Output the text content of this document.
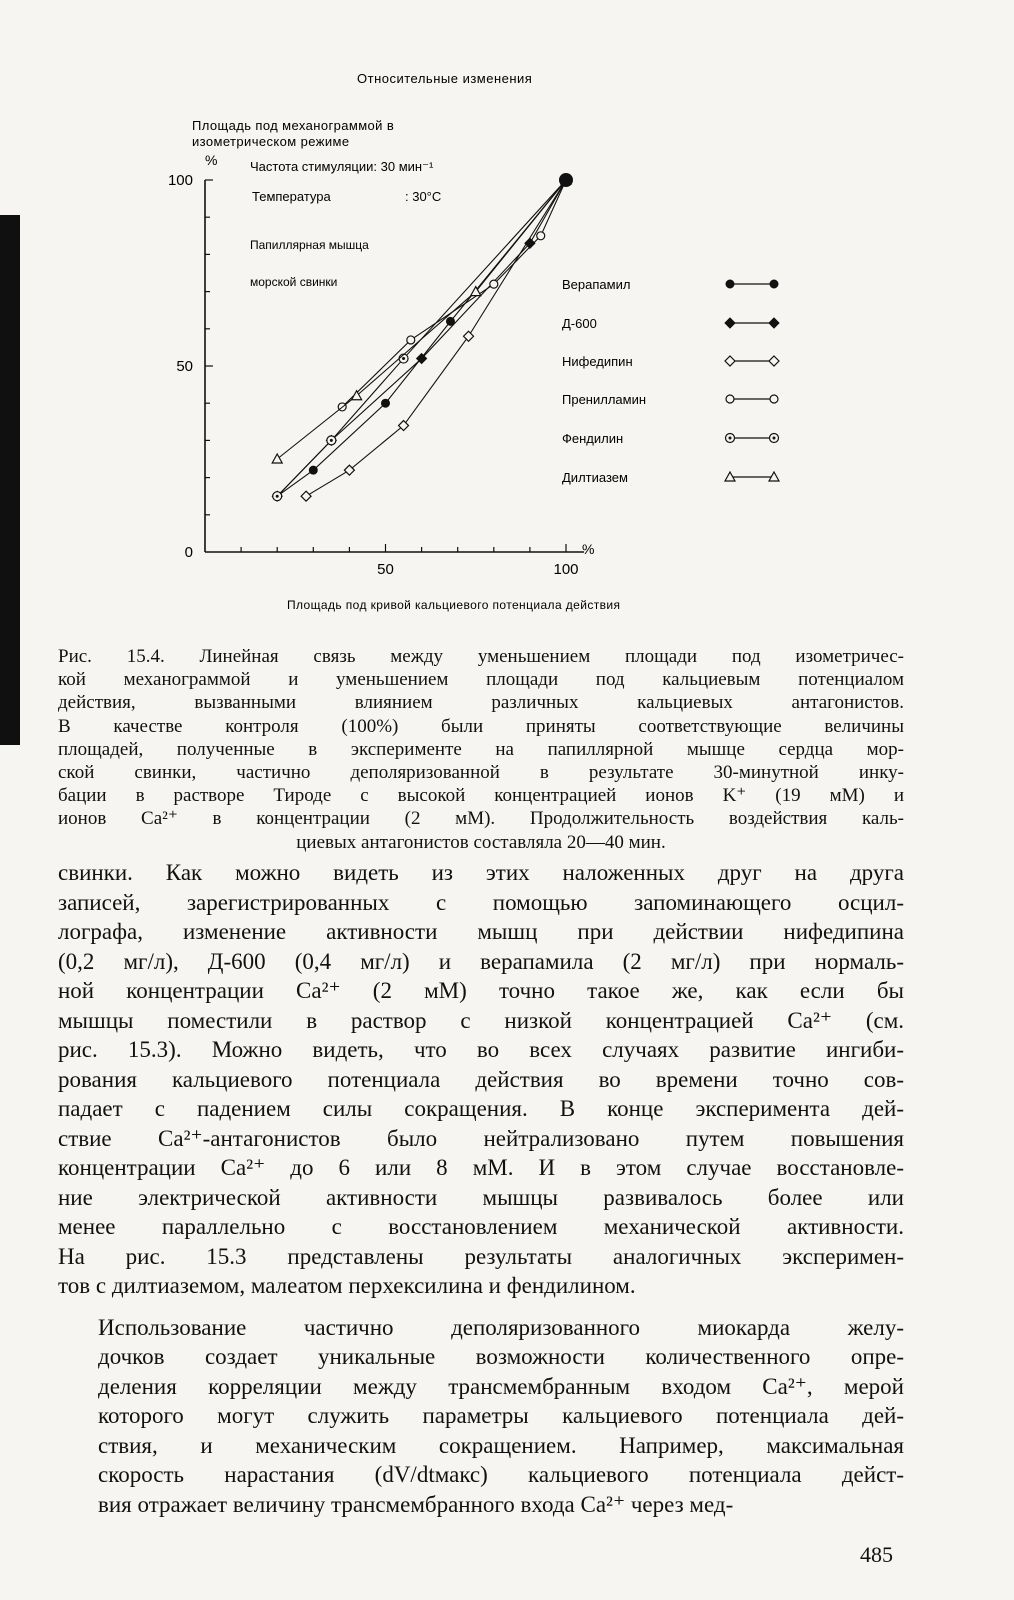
Относительные изменения
Площадь под механограммой в
изометрическом режиме
%
%
Площадь под кривой кальциевого потенциала действия
Частота стимуляции: 30 мин⁻¹
Температура	: 30°C
Папиллярная мышца
морской свинки
50	100
0
50
100
Верапамил
Д-600
Нифедипин
Пренилламин
Фендилин
Дилтиазем
Рис. 15.4. Линейная связь между уменьшением площади под изометричес-
кой механограммой и уменьшением площади под кальциевым потенциалом
действия, вызванными влиянием различных кальциевых антагонистов.
В качестве контроля (100%) были приняты соответствующие величины
площадей, полученные в эксперименте на папиллярной мышце сердца мор-
ской свинки, частично деполяризованной в результате 30-минутной инку-
бации в растворе Тироде с высокой концентрацией ионов K⁺ (19 мМ) и
ионов Ca²⁺ в концентрации (2 мМ). Продолжительность воздействия каль-
циевых антагонистов составляла 20—40 мин.

свинки. Как можно видеть из этих наложенных друг на друга
записей, зарегистрированных с помощью запоминающего осцил-
лографа, изменение активности мышц при действии нифедипина
(0,2 мг/л), Д-600 (0,4 мг/л) и верапамила (2 мг/л) при нормаль-
ной концентрации Ca²⁺ (2 мМ) точно такое же, как если бы
мышцы поместили в раствор с низкой концентрацией Ca²⁺ (см.
рис. 15.3). Можно видеть, что во всех случаях развитие ингиби-
рования кальциевого потенциала действия во времени точно сов-
падает с падением силы сокращения. В конце эксперимента дей-
ствие Ca²⁺-антагонистов было нейтрализовано путем повышения
концентрации Ca²⁺ до 6 или 8 мМ. И в этом случае восстановле-
ние электрической активности мышцы развивалось более или
менее параллельно с восстановлением механической активности.
На рис. 15.3 представлены результаты аналогичных эксперимен-
тов с дилтиаземом, малеатом перхексилина и фендилином.

Использование частично деполяризованного миокарда желу-
дочков создает уникальные возможности количественного опре-
деления корреляции между трансмембранным входом Ca²⁺, мерой
которого могут служить параметры кальциевого потенциала дей-
ствия, и механическим сокращением. Например, максимальная
скорость нарастания (dV/dtмакс) кальциевого потенциала дейст-
вия отражает величину трансмембранного входа Ca²⁺ через мед-

485
